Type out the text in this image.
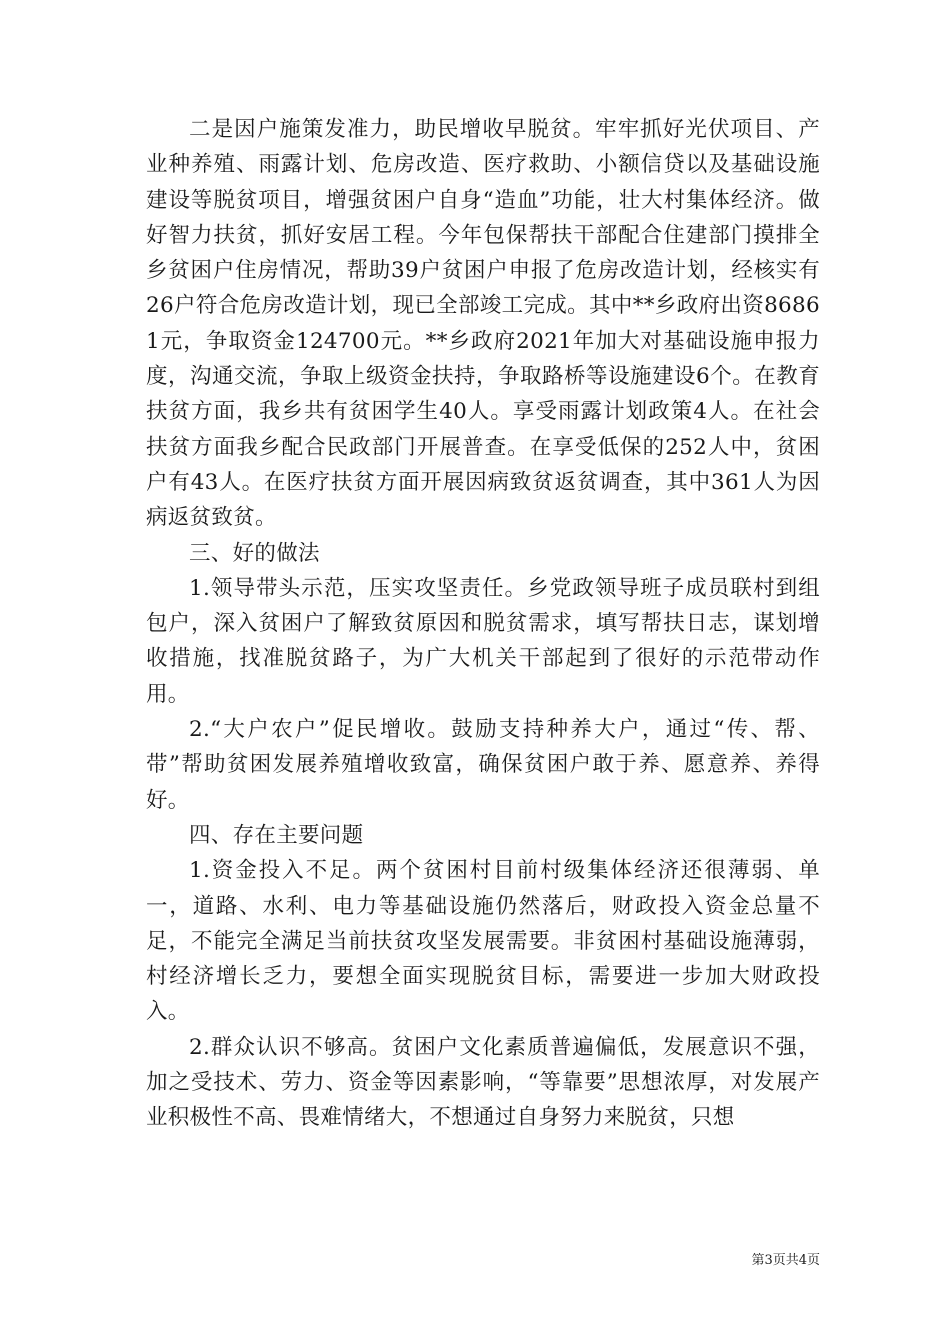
二是因户施策发准力，助民增收早脱贫。牢牢抓好光伏项目、产业种养殖、雨露计划、危房改造、医疗救助、小额信贷以及基础设施建设等脱贫项目，增强贫困户自身“造血”功能，壮大村集体经济。做好智力扶贫，抓好安居工程。今年包保帮扶干部配合住建部门摸排全乡贫困户住房情况，帮助39户贫困户申报了危房改造计划，经核实有26户符合危房改造计划，现已全部竣工完成。其中**乡政府出资86861元，争取资金124700元。**乡政府2021年加大对基础设施申报力度，沟通交流，争取上级资金扶持，争取路桥等设施建设6个。在教育扶贫方面，我乡共有贫困学生40人。享受雨露计划政策4人。在社会扶贫方面我乡配合民政部门开展普查。在享受低保的252人中，贫困户有43人。在医疗扶贫方面开展因病致贫返贫调查，其中361人为因病返贫致贫。

三、好的做法

1.领导带头示范，压实攻坚责任。乡党政领导班子成员联村到组包户，深入贫困户了解致贫原因和脱贫需求，填写帮扶日志，谋划增收措施，找准脱贫路子，为广大机关干部起到了很好的示范带动作用。

2.“大户农户”促民增收。鼓励支持种养大户，通过“传、帮、带”帮助贫困发展养殖增收致富，确保贫困户敢于养、愿意养、养得好。

四、存在主要问题

1.资金投入不足。两个贫困村目前村级集体经济还很薄弱、单一，道路、水利、电力等基础设施仍然落后，财政投入资金总量不足，不能完全满足当前扶贫攻坚发展需要。非贫困村基础设施薄弱，村经济增长乏力，要想全面实现脱贫目标，需要进一步加大财政投入。

2.群众认识不够高。贫困户文化素质普遍偏低，发展意识不强，加之受技术、劳力、资金等因素影响，“等靠要”思想浓厚，对发展产业积极性不高、畏难情绪大，不想通过自身努力来脱贫，只想

第3页共4页
